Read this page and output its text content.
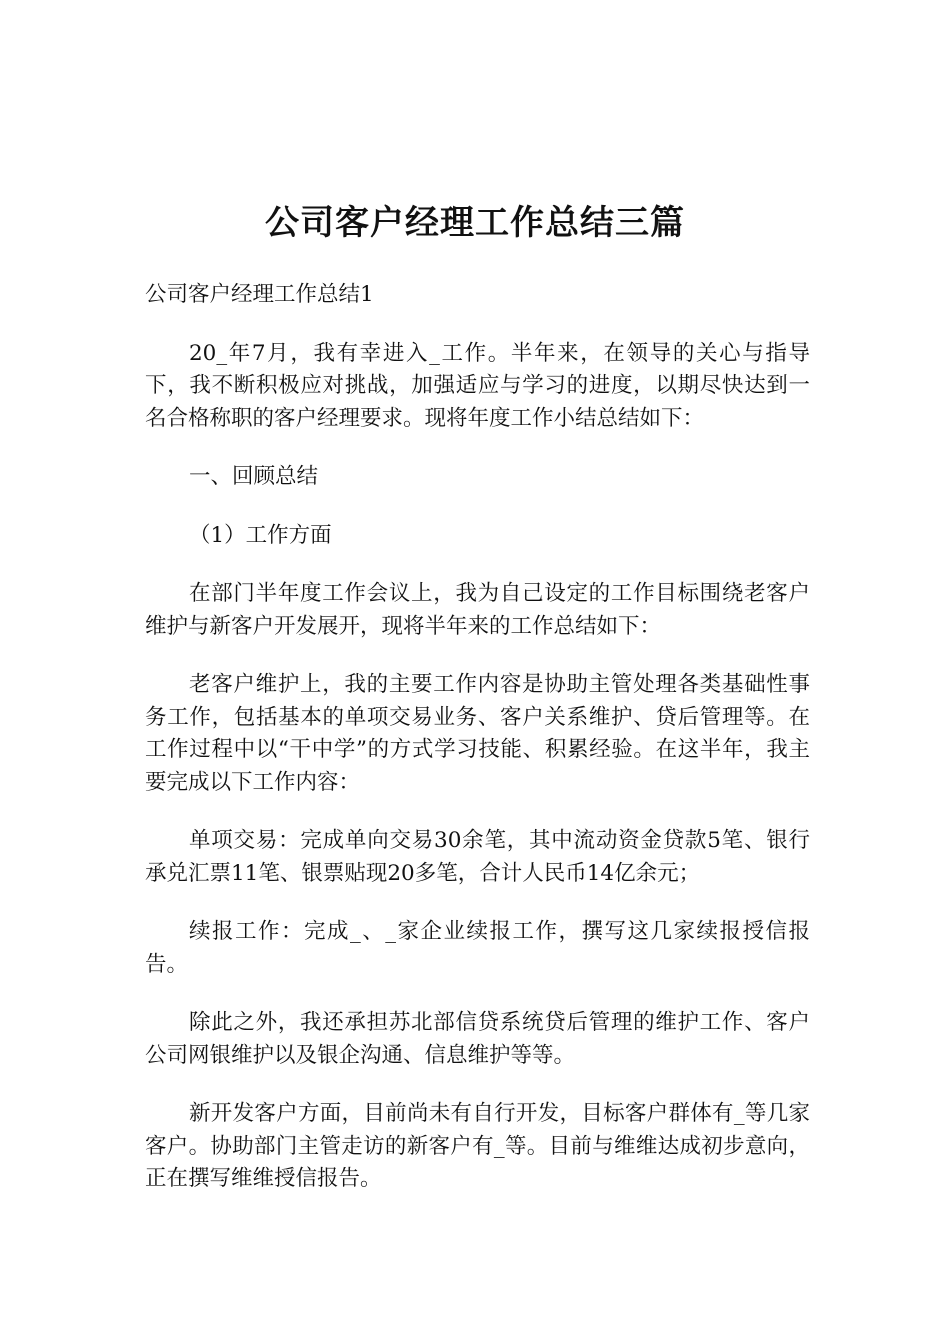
公司客户经理工作总结三篇

公司客户经理工作总结1

20_年7月，我有幸进入_工作。半年来，在领导的关心与指导下，我不断积极应对挑战，加强适应与学习的进度，以期尽快达到一名合格称职的客户经理要求。现将年度工作小结总结如下：

一、回顾总结

（1）工作方面

在部门半年度工作会议上，我为自己设定的工作目标围绕老客户维护与新客户开发展开，现将半年来的工作总结如下：

老客户维护上，我的主要工作内容是协助主管处理各类基础性事务工作，包括基本的单项交易业务、客户关系维护、贷后管理等。在工作过程中以“干中学”的方式学习技能、积累经验。在这半年，我主要完成以下工作内容：

单项交易：完成单向交易30余笔，其中流动资金贷款5笔、银行承兑汇票11笔、银票贴现20多笔，合计人民币14亿余元；

续报工作：完成_、_家企业续报工作，撰写这几家续报授信报告。

除此之外，我还承担苏北部信贷系统贷后管理的维护工作、客户公司网银维护以及银企沟通、信息维护等等。

新开发客户方面，目前尚未有自行开发，目标客户群体有_等几家客户。协助部门主管走访的新客户有_等。目前与维维达成初步意向，正在撰写维维授信报告。
